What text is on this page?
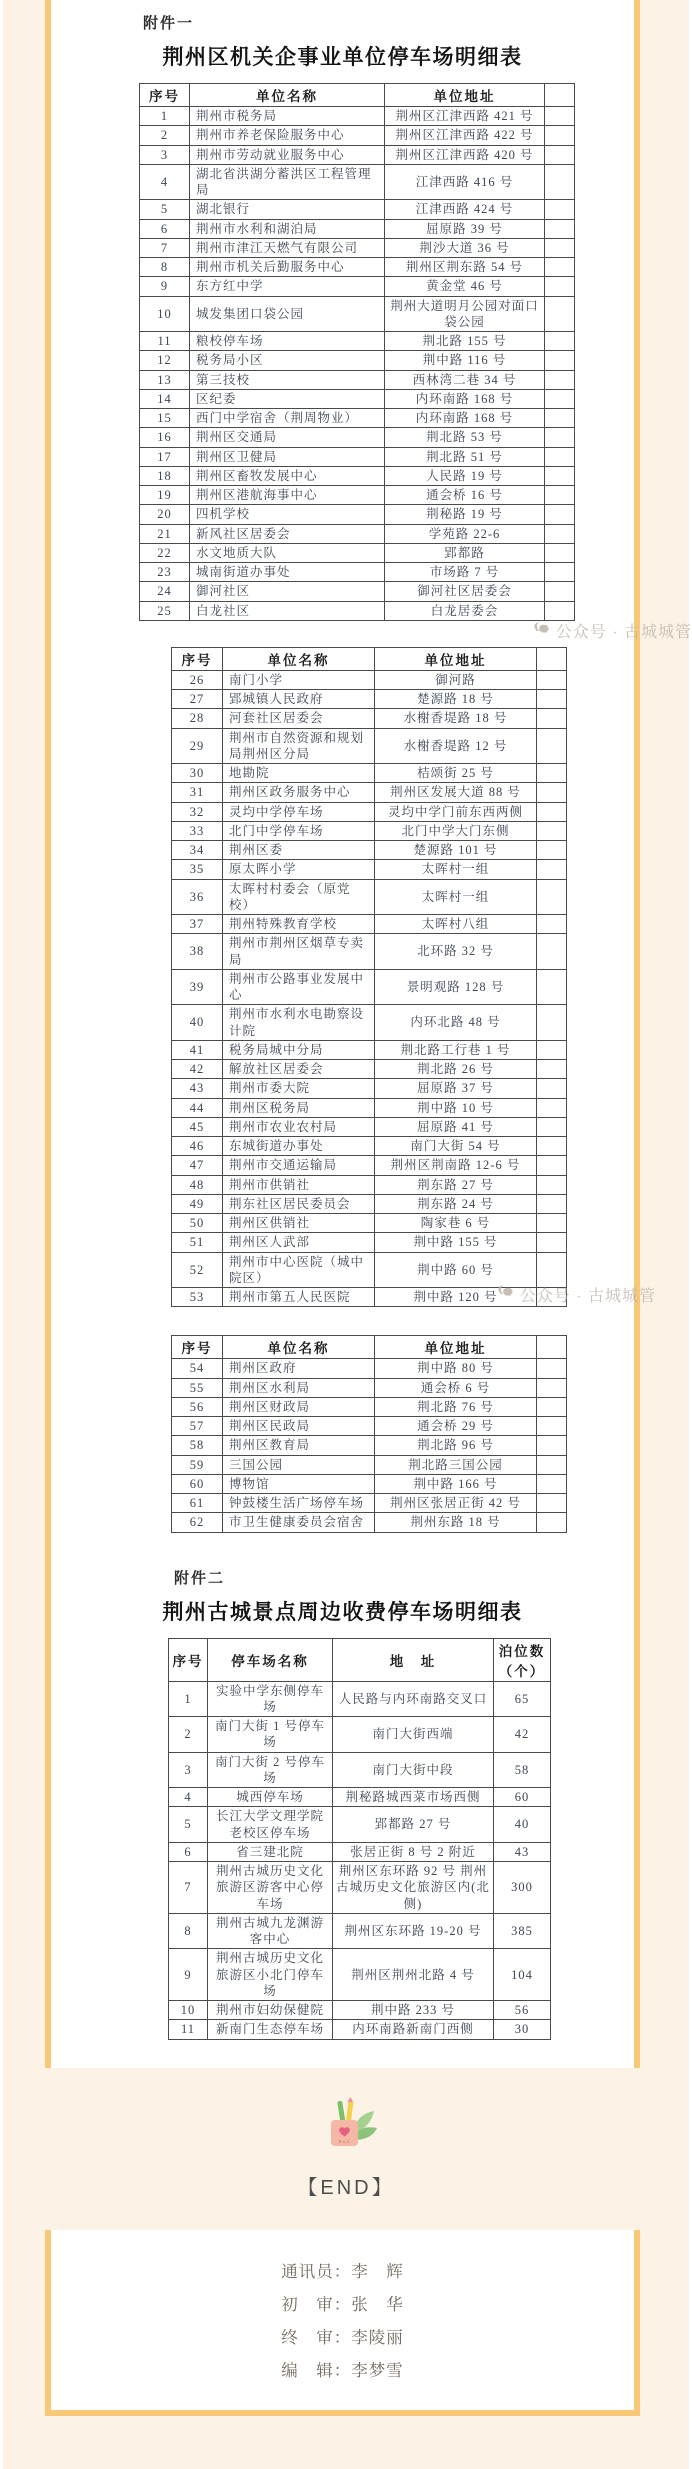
附件一
荆州区机关企事业单位停车场明细表
序号	单位名称	单位地址	
1	荆州市税务局	荆州区江津西路 421 号	
2	荆州市养老保险服务中心	荆州区江津西路 422 号	
3	荆州市劳动就业服务中心	荆州区江津西路 420 号	
4	湖北省洪湖分蓄洪区工程管理局	江津西路 416 号	
5	湖北银行	江津西路 424 号	
6	荆州市水利和湖泊局	屈原路 39 号	
7	荆州市津江天燃气有限公司	荆沙大道 36 号	
8	荆州市机关后勤服务中心	荆州区荆东路 54 号	
9	东方红中学	黄金堂 46 号	
10	城发集团口袋公园	荆州大道明月公园对面口袋公园	
11	粮校停车场	荆北路 155 号	
12	税务局小区	荆中路 116 号	
13	第三技校	西林湾二巷 34 号	
14	区纪委	内环南路 168 号	
15	西门中学宿舍（荆周物业）	内环南路 168 号	
16	荆州区交通局	荆北路 53 号	
17	荆州区卫健局	荆北路 51 号	
18	荆州区畜牧发展中心	人民路 19 号	
19	荆州区港航海事中心	通会桥 16 号	
20	四机学校	荆秘路 19 号	
21	新风社区居委会	学苑路 22-6	
22	水文地质大队	郢都路	
23	城南街道办事处	市场路 7 号	
24	御河社区	御河社区居委会	
25	白龙社区	白龙居委会	
公众号 · 古城城管
序号	单位名称	单位地址	
26	南门小学	御河路	
27	郢城镇人民政府	楚源路 18 号	
28	河套社区居委会	水榭香堤路 18 号	
29	荆州市自然资源和规划局荆州区分局	水榭香堤路 12 号	
30	地勘院	桔颂街 25 号	
31	荆州区政务服务中心	荆州区发展大道 88 号	
32	灵均中学停车场	灵均中学门前东西两侧	
33	北门中学停车场	北门中学大门东侧	
34	荆州区委	楚源路 101 号	
35	原太晖小学	太晖村一组	
36	太晖村村委会（原党校）	太晖村一组	
37	荆州特殊教育学校	太晖村八组	
38	荆州市荆州区烟草专卖局	北环路 32 号	
39	荆州市公路事业发展中心	景明观路 128 号	
40	荆州市水利水电勘察设计院	内环北路 48 号	
41	税务局城中分局	荆北路工行巷 1 号	
42	解放社区居委会	荆北路 26 号	
43	荆州市委大院	屈原路 37 号	
44	荆州区税务局	荆中路 10 号	
45	荆州市农业农村局	屈原路 41 号	
46	东城街道办事处	南门大街 54 号	
47	荆州市交通运输局	荆州区荆南路 12-6 号	
48	荆州市供销社	荆东路 27 号	
49	荆东社区居民委员会	荆东路 24 号	
50	荆州区供销社	陶家巷 6 号	
51	荆州区人武部	荆中路 155 号	
52	荆州市中心医院（城中院区）	荆中路 60 号	
53	荆州市第五人民医院	荆中路 120 号	公众号 · 古城城管
序号	单位名称	单位地址	
54	荆州区政府	荆中路 80 号	
55	荆州区水利局	通会桥 6 号	
56	荆州区财政局	荆北路 76 号	
57	荆州区民政局	通会桥 29 号	
58	荆州区教育局	荆北路 96 号	
59	三国公园	荆北路三国公园	
60	博物馆	荆中路 166 号	
61	钟鼓楼生活广场停车场	荆州区张居正街 42 号	
62	市卫生健康委员会宿舍	荆州东路 18 号	
附件二
荆州古城景点周边收费停车场明细表
序号	停车场名称	地　址	泊位数（个）
1	实验中学东侧停车场	人民路与内环南路交叉口	65
2	南门大街 1 号停车场	南门大街西端	42
3	南门大街 2 号停车场	南门大街中段	58
4	城西停车场	荆秘路城西菜市场西侧	60
5	长江大学文理学院老校区停车场	郢都路 27 号	40
6	省三建北院	张居正街 8 号 2 附近	43
7	荆州古城历史文化旅游区游客中心停车场	荆州区东环路 92 号 荆州古城历史文化旅游区内(北侧)	300
8	荆州古城九龙渊游客中心	荆州区东环路 19-20 号	385
9	荆州古城历史文化旅游区小北门停车场	荆州区荆州北路 4 号	104
10	荆州市妇幼保健院	荆中路 233 号	56
11	新南门生态停车场	内环南路新南门西侧	30
【END】
通讯员：李　辉
初　审：张　华
终　审：李陵丽
编　辑：李梦雪
